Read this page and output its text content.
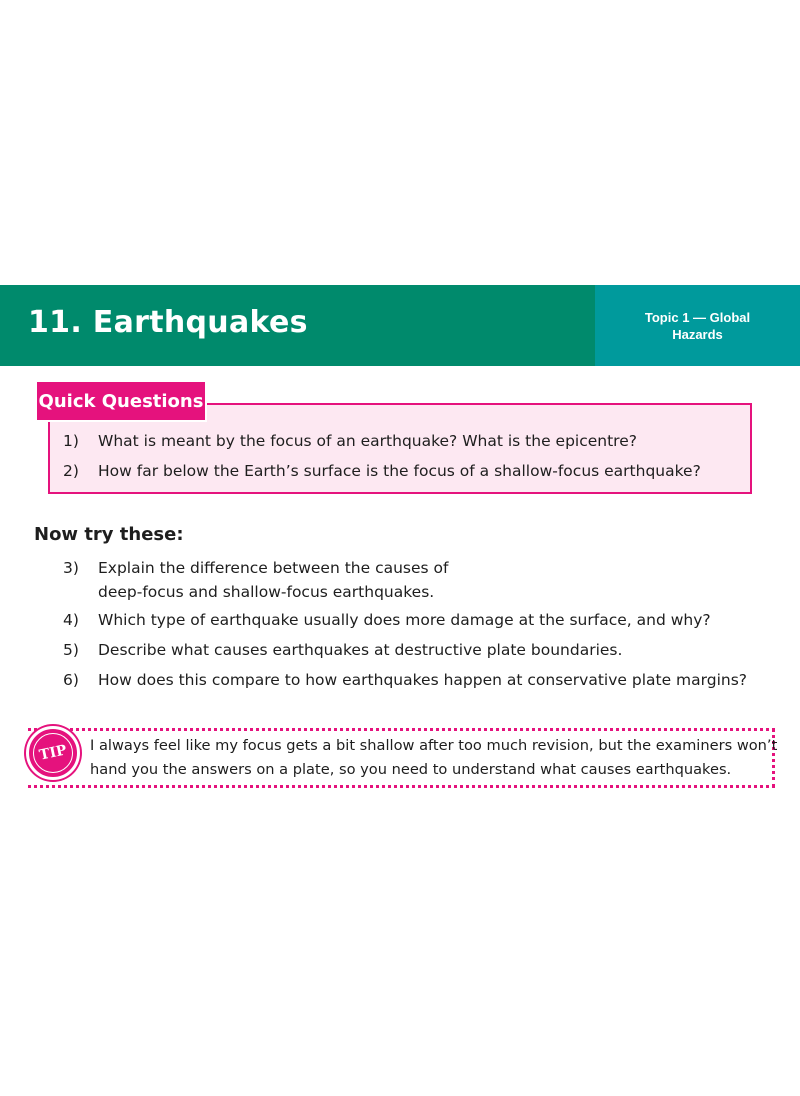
11. Earthquakes	Topic 1 — Global
Hazards
Quick Questions
1) What is meant by the focus of an earthquake? What is the epicentre?
2) How far below the Earth’s surface is the focus of a shallow-focus earthquake?
Now try these:
3) Explain the difference between the causes of
deep-focus and shallow-focus earthquakes.
4) Which type of earthquake usually does more damage at the surface, and why?
5) Describe what causes earthquakes at destructive plate boundaries.
6) How does this compare to how earthquakes happen at conservative plate margins?
TIP	I always feel like my focus gets a bit shallow after too much revision, but the examiners won’t
hand you the answers on a plate, so you need to understand what causes earthquakes.
